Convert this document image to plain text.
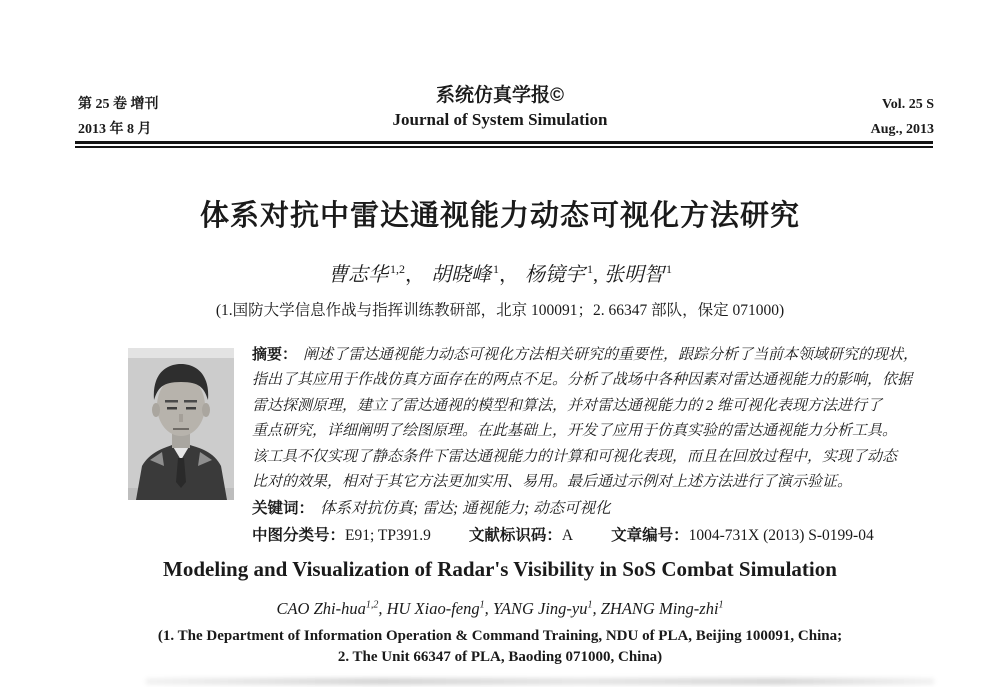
第 25 卷 增刊
2013 年 8 月
系统仿真学报©
Journal of System Simulation
Vol. 25 S
Aug., 2013
体系对抗中雷达通视能力动态可视化方法研究
曹志华 $^{1,2}$， 胡晓峰 $^1$， 杨镜宇 $^1$, 张明智 $^1$
(1.国防大学信息作战与指挥训练教研部，北京 100091；2. 66347 部队，保定 071000)
摘要： 阐述了雷达通视能力动态可视化方法相关研究的重要性，跟踪分析了当前本领域研究的现状，
指出了其应用于作战仿真方面存在的两点不足。分析了战场中各种因素对雷达通视能力的影响，依据
雷达探测原理，建立了雷达通视的模型和算法，并对雷达通视能力的 2 维可视化表现方法进行了
重点研究，详细阐明了绘图原理。在此基础上，开发了应用于仿真实验的雷达通视能力分析工具。
该工具不仅实现了静态条件下雷达通视能力的计算和可视化表现，而且在回放过程中，实现了动态
比对的效果，相对于其它方法更加实用、易用。最后通过示例对上述方法进行了演示验证。
关键词： 体系对抗仿真; 雷达; 通视能力; 动态可视化
中图分类号：E91; TP391.9 文献标识码：A 文章编号：1004-731X (2013) S-0199-04
Modeling and Visualization of Radar's Visibility in SoS Combat Simulation
CAO Zhi-hua$^{1,2}$, HU Xiao-feng$^1$, YANG Jing-$yu^1$, ZHANG Ming-zhi$^1$
(1. The Department of Information Operation & Command Training, NDU of PLA, Beijing 100091, China;
2. The Unit 66347 of PLA, Baoding 071000, China)
